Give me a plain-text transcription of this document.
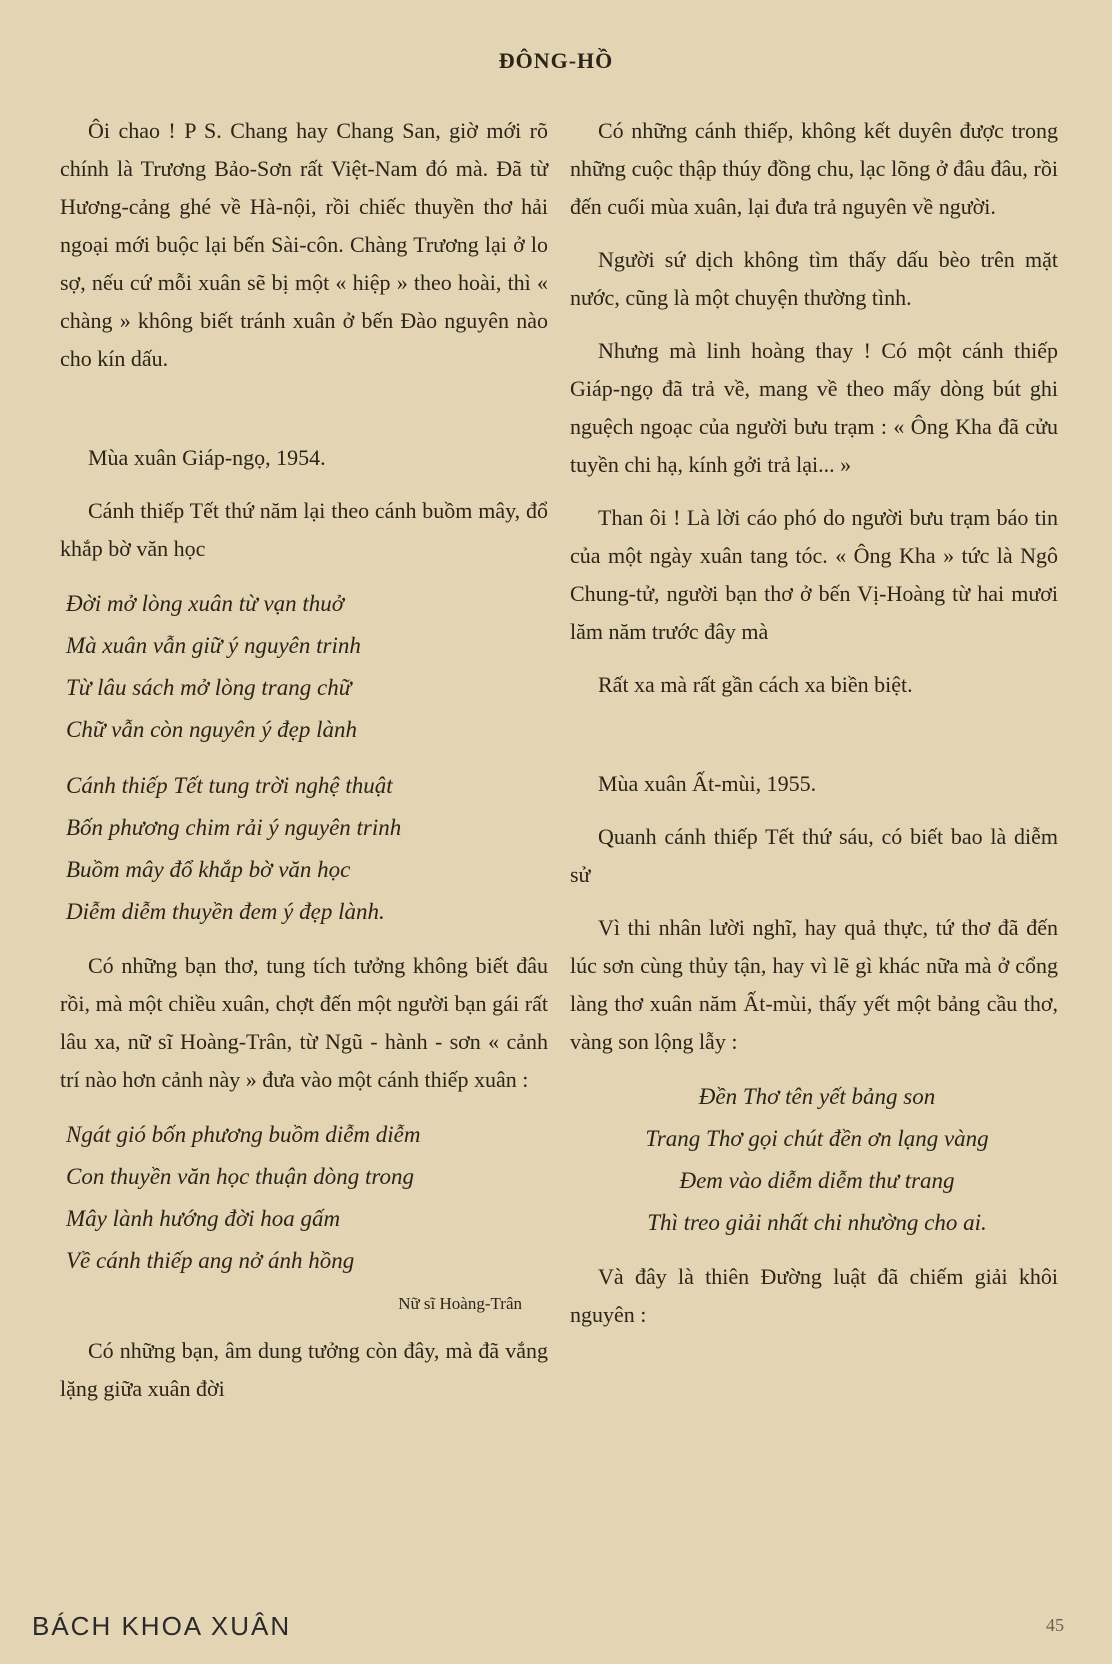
ĐÔNG-HỒ

Ôi chao ! P S. Chang hay Chang San, giờ mới rõ chính là Trương Bảo-Sơn rất Việt-Nam đó mà. Đã từ Hương-cảng ghé về Hà-nội, rồi chiếc thuyền thơ hải ngoại mới buộc lại bến Sài-côn. Chàng Trương lại ở lo sợ, nếu cứ mỗi xuân sẽ bị một « hiệp » theo hoài, thì « chàng » không biết tránh xuân ở bến Đào nguyên nào cho kín dấu.

Mùa xuân Giáp-ngọ, 1954.

Cánh thiếp Tết thứ năm lại theo cánh buồm mây, đổ khắp bờ văn học

Đời mở lòng xuân từ vạn thuở
Mà xuân vẫn giữ ý nguyên trinh
Từ lâu sách mở lòng trang chữ
Chữ vẫn còn nguyên ý đẹp lành
Cánh thiếp Tết tung trời nghệ thuật
Bốn phương chim rải ý nguyên trinh
Buồm mây đổ khắp bờ văn học
Diễm diễm thuyền đem ý đẹp lành.

Có những bạn thơ, tung tích tưởng không biết đâu rồi, mà một chiều xuân, chợt đến một người bạn gái rất lâu xa, nữ sĩ Hoàng-Trân, từ Ngũ - hành - sơn « cảnh trí nào hơn cảnh này » đưa vào một cánh thiếp xuân :

Ngát gió bốn phương buồm diễm diễm
Con thuyền văn học thuận dòng trong
Mây lành hướng đời hoa gấm
Về cánh thiếp ang nở ánh hồng
Nữ sĩ Hoàng-Trân

Có những bạn, âm dung tưởng còn đây, mà đã vắng lặng giữa xuân đời

Có những cánh thiếp, không kết duyên được trong những cuộc thập thúy đồng chu, lạc lõng ở đâu đâu, rồi đến cuối mùa xuân, lại đưa trả nguyên về người.

Người sứ dịch không tìm thấy dấu bèo trên mặt nước, cũng là một chuyện thường tình.

Nhưng mà linh hoàng thay ! Có một cánh thiếp Giáp-ngọ đã trả về, mang về theo mấy dòng bút ghi nguệch ngoạc của người bưu trạm : « Ông Kha đã cửu tuyền chi hạ, kính gởi trả lại... »

Than ôi ! Là lời cáo phó do người bưu trạm báo tin của một ngày xuân tang tóc. « Ông Kha » tức là Ngô Chung-tử, người bạn thơ ở bến Vị-Hoàng từ hai mươi lăm năm trước đây mà

Rất xa mà rất gần cách xa biền biệt.

Mùa xuân Ất-mùi, 1955.

Quanh cánh thiếp Tết thứ sáu, có biết bao là diễm sử

Vì thi nhân lười nghĩ, hay quả thực, tứ thơ đã đến lúc sơn cùng thủy tận, hay vì lẽ gì khác nữa mà ở cổng làng thơ xuân năm Ất-mùi, thấy yết một bảng cầu thơ, vàng son lộng lẫy :

Đền Thơ tên yết bảng son
Trang Thơ gọi chút đền ơn lạng vàng
Đem vào diễm diễm thư trang
Thì treo giải nhất chi nhường cho ai.

Và đây là thiên Đường luật đã chiếm giải khôi nguyên :

BÁCH KHOA XUÂN	45
